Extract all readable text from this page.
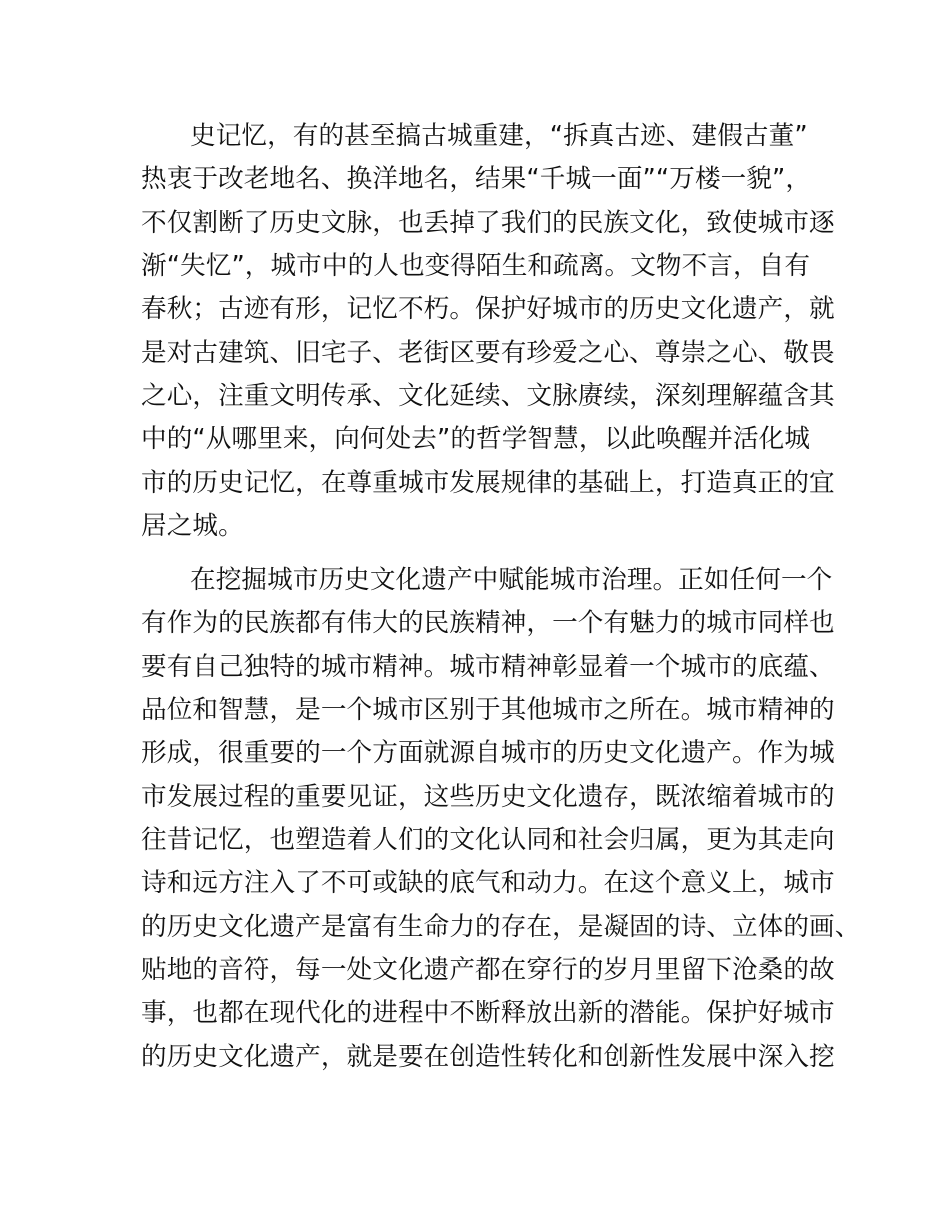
史记忆，有的甚至搞古城重建，“拆真古迹、建假古董”
热衷于改老地名、换洋地名，结果“千城一面”“万楼一貌”，
不仅割断了历史文脉，也丢掉了我们的民族文化，致使城市逐
渐“失忆”，城市中的人也变得陌生和疏离。文物不言，自有
春秋；古迹有形，记忆不朽。保护好城市的历史文化遗产，就
是对古建筑、旧宅子、老街区要有珍爱之心、尊崇之心、敬畏
之心，注重文明传承、文化延续、文脉赓续，深刻理解蕴含其
中的“从哪里来，向何处去”的哲学智慧，以此唤醒并活化城
市的历史记忆，在尊重城市发展规律的基础上，打造真正的宜
居之城。
在挖掘城市历史文化遗产中赋能城市治理。正如任何一个
有作为的民族都有伟大的民族精神，一个有魅力的城市同样也
要有自己独特的城市精神。城市精神彰显着一个城市的底蕴、
品位和智慧，是一个城市区别于其他城市之所在。城市精神的
形成，很重要的一个方面就源自城市的历史文化遗产。作为城
市发展过程的重要见证，这些历史文化遗存，既浓缩着城市的
往昔记忆，也塑造着人们的文化认同和社会归属，更为其走向
诗和远方注入了不可或缺的底气和动力。在这个意义上，城市
的历史文化遗产是富有生命力的存在，是凝固的诗、立体的画、
贴地的音符，每一处文化遗产都在穿行的岁月里留下沧桑的故
事，也都在现代化的进程中不断释放出新的潜能。保护好城市
的历史文化遗产，就是要在创造性转化和创新性发展中深入挖
